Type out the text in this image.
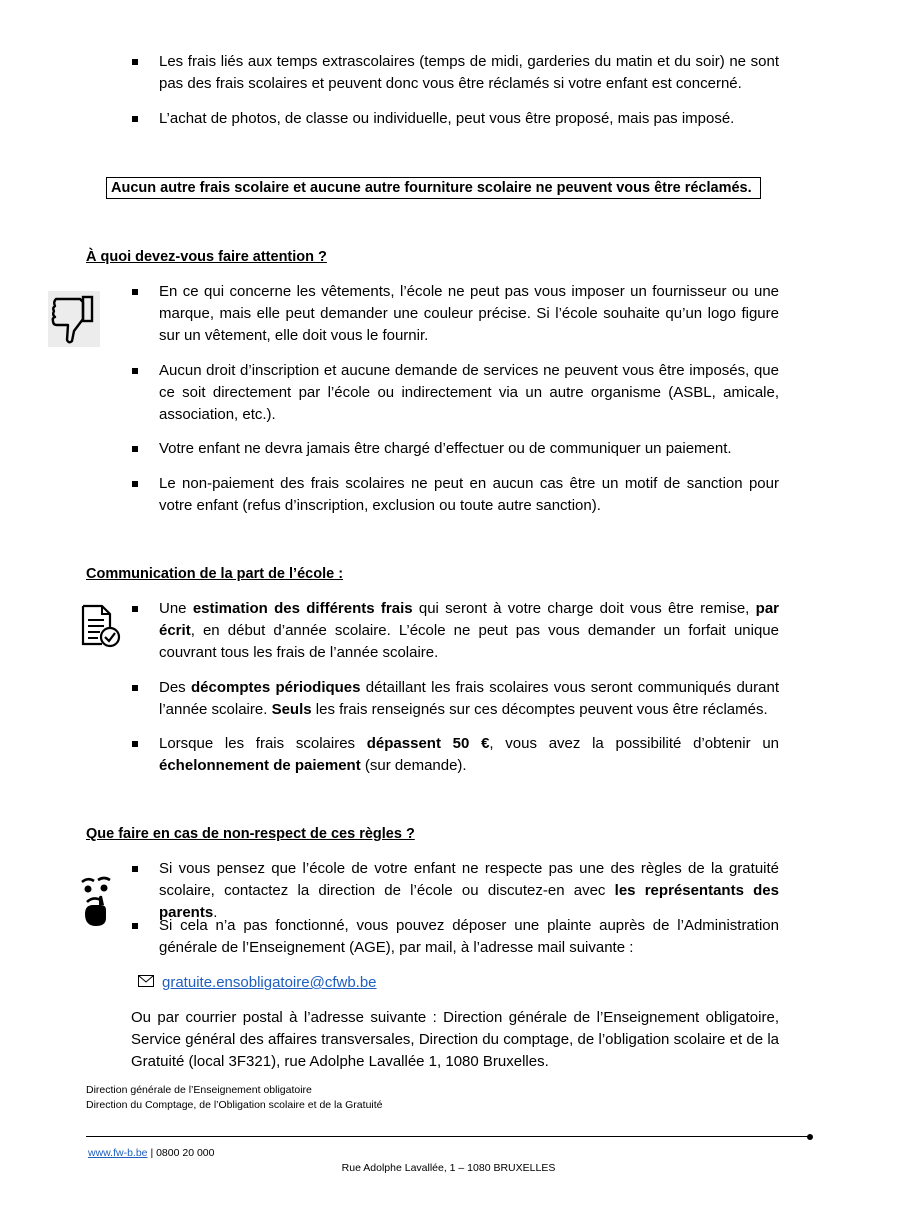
Les frais liés aux temps extrascolaires (temps de midi, garderies du matin et du soir) ne sont pas des frais scolaires et peuvent donc vous être réclamés si votre enfant est concerné.

L’achat de photos, de classe ou individuelle, peut vous être proposé, mais pas imposé.

Aucun autre frais scolaire et aucune autre fourniture scolaire ne peuvent vous être réclamés.

À quoi devez-vous faire attention ?

En ce qui concerne les vêtements, l’école ne peut pas vous imposer un fournisseur ou une marque, mais elle peut demander une couleur précise. Si l’école souhaite qu’un logo figure sur un vêtement, elle doit vous le fournir.

Aucun droit d’inscription et aucune demande de services ne peuvent vous être imposés, que ce soit directement par l’école ou indirectement via un autre organisme (ASBL, amicale, association, etc.).

Votre enfant ne devra jamais être chargé d’effectuer ou de communiquer un paiement.

Le non-paiement des frais scolaires ne peut en aucun cas être un motif de sanction pour votre enfant (refus d’inscription, exclusion ou toute autre sanction).

Communication de la part de l’école :

Une estimation des différents frais qui seront à votre charge doit vous être remise, par écrit, en début d’année scolaire. L’école ne peut pas vous demander un forfait unique couvrant tous les frais de l’année scolaire.

Des décomptes périodiques détaillant les frais scolaires vous seront communiqués durant l’année scolaire. Seuls les frais renseignés sur ces décomptes peuvent vous être réclamés.

Lorsque les frais scolaires dépassent 50 €, vous avez la possibilité d’obtenir un échelonnement de paiement (sur demande).

Que faire en cas de non-respect de ces règles ?

Si vous pensez que l’école de votre enfant ne respecte pas une des règles de la gratuité scolaire, contactez la direction de l’école ou discutez-en avec les représentants des parents.

Si cela n’a pas fonctionné, vous pouvez déposer une plainte auprès de l’Administration générale de l’Enseignement (AGE), par mail, à l’adresse mail suivante :

gratuite.ensobligatoire@cfwb.be

Ou par courrier postal à l’adresse suivante : Direction générale de l’Enseignement obligatoire, Service général des affaires transversales, Direction du comptage, de l’obligation scolaire et de la Gratuité (local 3F321), rue Adolphe Lavallée 1, 1080 Bruxelles.

Direction générale de l’Enseignement obligatoire
Direction du Comptage, de l’Obligation scolaire et de la Gratuité
www.fw-b.be | 0800 20 000
Rue Adolphe Lavallée, 1 – 1080 BRUXELLES
